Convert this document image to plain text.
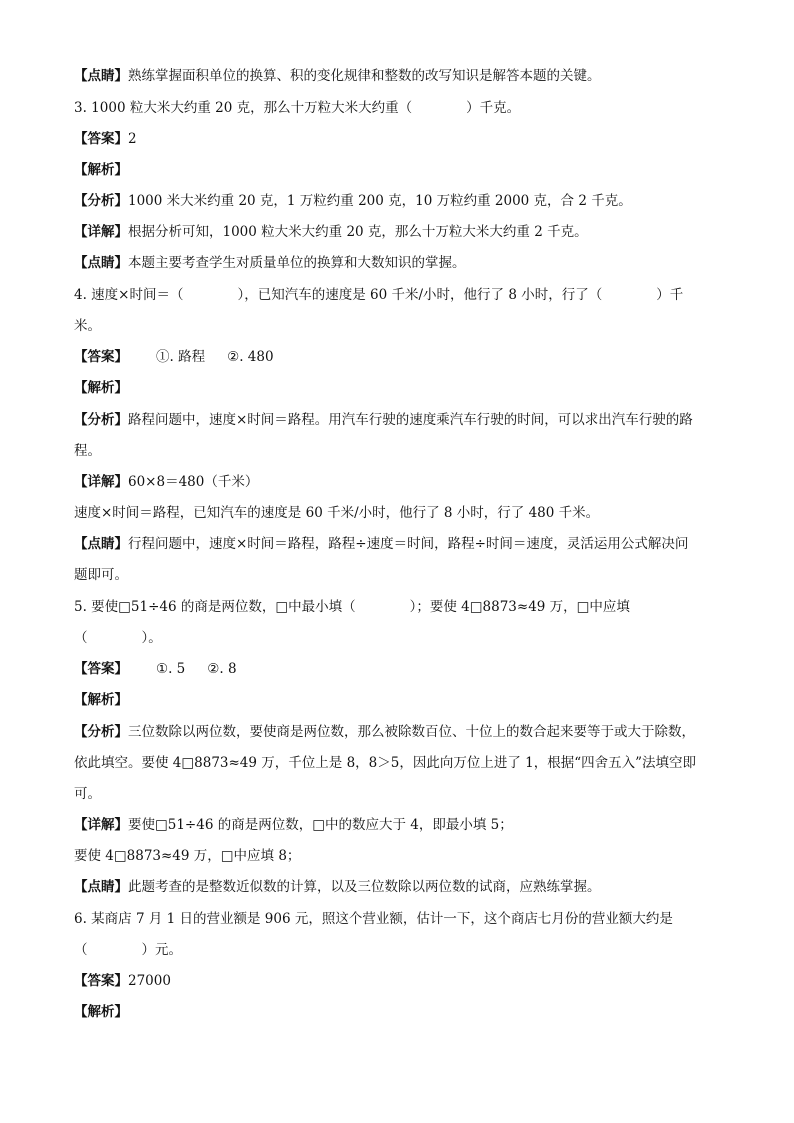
【点睛】熟练掌握面积单位的换算、积的变化规律和整数的改写知识是解答本题的关键。
3. 1000 粒大米大约重 20 克，那么十万粒大米大约重（　　　　）千克。
【答案】2
【解析】
【分析】1000 米大米约重 20 克，1 万粒约重 200 克，10 万粒约重 2000 克，合 2 千克。
【详解】根据分析可知，1000 粒大米大约重 20 克，那么十万粒大米大约重 2 千克。
【点睛】本题主要考查学生对质量单位的换算和大数知识的掌握。
4. 速度×时间＝（　　　　），已知汽车的速度是 60 千米/小时，他行了 8 小时，行了（　　　　）千
米。
【答案】 ①. 路程 ②. 480
【解析】
【分析】路程问题中，速度×时间＝路程。用汽车行驶的速度乘汽车行驶的时间，可以求出汽车行驶的路
程。
【详解】60×8＝480（千米）
速度×时间＝路程，已知汽车的速度是 60 千米/小时，他行了 8 小时，行了 480 千米。
【点睛】行程问题中，速度×时间＝路程，路程÷速度＝时间，路程÷时间＝速度，灵活运用公式解决问
题即可。
5. 要使□51÷46 的商是两位数，□中最小填（　　　　）；要使 4□8873≈49 万，□中应填
（　　　　）。
【答案】 ①. 5 ②. 8
【解析】
【分析】三位数除以两位数，要使商是两位数，那么被除数百位、十位上的数合起来要等于或大于除数，
依此填空。要使 4□8873≈49 万，千位上是 8，8＞5，因此向万位上进了 1，根据“四舍五入”法填空即
可。
【详解】要使□51÷46 的商是两位数，□中的数应大于 4，即最小填 5；
要使 4□8873≈49 万，□中应填 8；
【点睛】此题考查的是整数近似数的计算，以及三位数除以两位数的试商，应熟练掌握。
6. 某商店 7 月 1 日的营业额是 906 元，照这个营业额，估计一下，这个商店七月份的营业额大约是
（　　　　）元。
【答案】27000
【解析】
